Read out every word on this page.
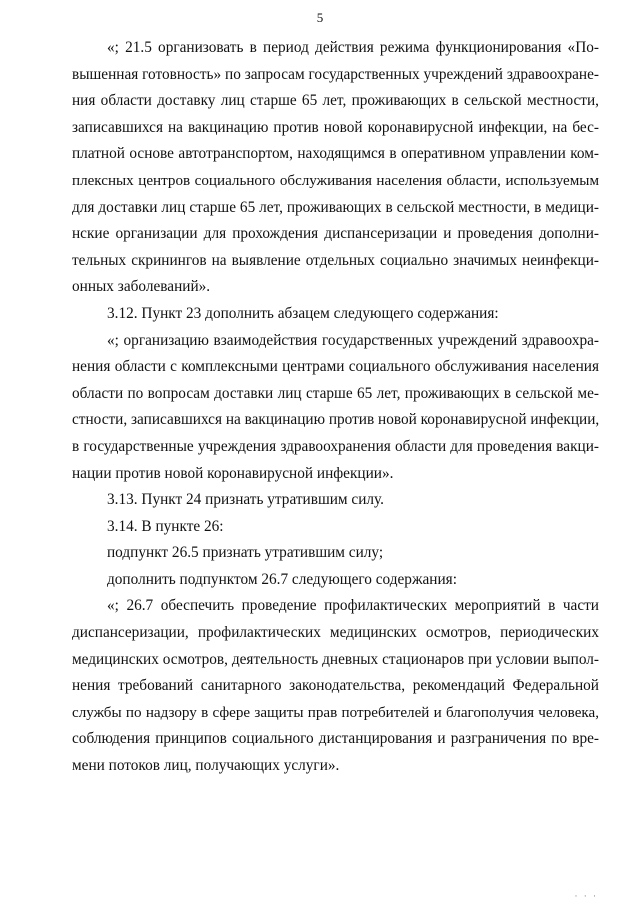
5
«; 21.5 организовать в период действия режима функционирования «По-
вышенная готовность» по запросам государственных учреждений здравоохране-
ния области доставку лиц старше 65 лет, проживающих в сельской местности,
записавшихся на вакцинацию против новой коронавирусной инфекции, на бес-
платной основе автотранспортом, находящимся в оперативном управлении ком-
плексных центров социального обслуживания населения области, используемым
для доставки лиц старше 65 лет, проживающих в сельской местности, в медици-
нские организации для прохождения диспансеризации и проведения дополни-
тельных скринингов на выявление отдельных социально значимых неинфекци-
онных заболеваний».
3.12. Пункт 23 дополнить абзацем следующего содержания:
«; организацию взаимодействия государственных учреждений здравоохра-
нения области с комплексными центрами социального обслуживания населения
области по вопросам доставки лиц старше 65 лет, проживающих в сельской ме-
стности, записавшихся на вакцинацию против новой коронавирусной инфекции,
в государственные учреждения здравоохранения области для проведения вакци-
нации против новой коронавирусной инфекции».
3.13. Пункт 24 признать утратившим силу.
3.14. В пункте 26:
подпункт 26.5 признать утратившим силу;
дополнить подпунктом 26.7 следующего содержания:
«; 26.7 обеспечить проведение профилактических мероприятий в части
диспансеризации, профилактических медицинских осмотров, периодических
медицинских осмотров, деятельность дневных стационаров при условии выпол-
нения требований санитарного законодательства, рекомендаций Федеральной
службы по надзору в сфере защиты прав потребителей и благополучия человека,
соблюдения принципов социального дистанцирования и разграничения по вре-
мени потоков лиц, получающих услуги».
· · ·
